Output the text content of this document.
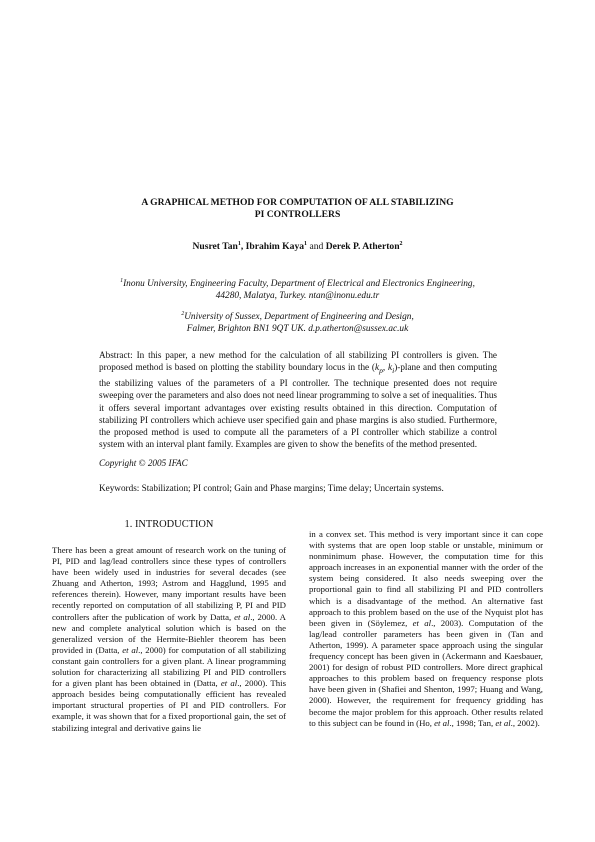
A GRAPHICAL METHOD FOR COMPUTATION OF ALL STABILIZING
PI CONTROLLERS
Nusret Tan$^1$, Ibrahim Kaya$^1$ and Derek P. Atherton$^2$
$^1$Inonu University, Engineering Faculty, Department of Electrical and Electronics Engineering,
44280, Malatya, Turkey. ntan@inonu.edu.tr
$^2$University of Sussex, Department of Engineering and Design,
Falmer, Brighton BN1 9QT UK. d.p.atherton@sussex.ac.uk
Abstract: In this paper, a new method for the calculation of all stabilizing PI controllers is given. The proposed method is based on plotting the stability boundary locus in the ($k_p$, $k_i$)-plane and then computing the stabilizing values of the parameters of a PI controller. The technique presented does not require sweeping over the parameters and also does not need linear programming to solve a set of inequalities. Thus it offers several important advantages over existing results obtained in this direction. Computation of stabilizing PI controllers which achieve user specified gain and phase margins is also studied. Furthermore, the proposed method is used to compute all the parameters of a PI controller which stabilize a control system with an interval plant family. Examples are given to show the benefits of the method presented.
Copyright © 2005 IFAC
Keywords: Stabilization; PI control; Gain and Phase margins; Time delay; Uncertain systems.
1. INTRODUCTION
There has been a great amount of research work on the tuning of PI, PID and lag/lead controllers since these types of controllers have been widely used in industries for several decades (see Zhuang and Atherton, 1993; Astrom and Hagglund, 1995 and references therein). However, many important results have been recently reported on computation of all stabilizing P, PI and PID controllers after the publication of work by Datta, et al., 2000. A new and complete analytical solution which is based on the generalized version of the Hermite-Biehler theorem has been provided in (Datta, et al., 2000) for computation of all stabilizing constant gain controllers for a given plant. A linear programming solution for characterizing all stabilizing PI and PID controllers for a given plant has been obtained in (Datta, et al., 2000). This approach besides being computationally efficient has revealed important structural properties of PI and PID controllers. For example, it was shown that for a fixed proportional gain, the set of stabilizing integral and derivative gains lie
in a convex set. This method is very important since it can cope with systems that are open loop stable or unstable, minimum or nonminimum phase. However, the computation time for this approach increases in an exponential manner with the order of the system being considered. It also needs sweeping over the proportional gain to find all stabilizing PI and PID controllers which is a disadvantage of the method. An alternative fast approach to this problem based on the use of the Nyquist plot has been given in (Söylemez, et al., 2003). Computation of the lag/lead controller parameters has been given in (Tan and Atherton, 1999). A parameter space approach using the singular frequency concept has been given in (Ackermann and Kaesbauer, 2001) for design of robust PID controllers. More direct graphical approaches to this problem based on frequency response plots have been given in (Shafiei and Shenton, 1997; Huang and Wang, 2000). However, the requirement for frequency gridding has become the major problem for this approach. Other results related to this subject can be found in (Ho, et al., 1998; Tan, et al., 2002).
